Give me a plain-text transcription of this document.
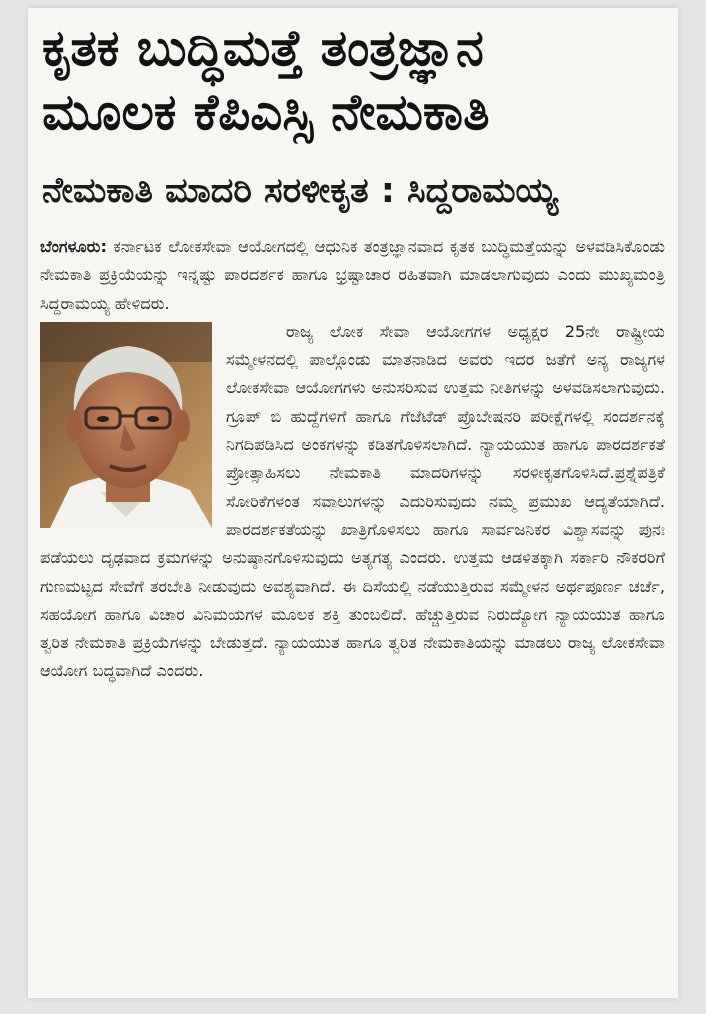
ಕೃತಕ ಬುದ್ಧಿಮತ್ತೆ ತಂತ್ರಜ್ಞಾನ
ಮೂಲಕ ಕೆಪಿಎಸ್ಸಿ ನೇಮಕಾತಿ
ನೇಮಕಾತಿ ಮಾದರಿ ಸರಳೀಕೃತ : ಸಿದ್ದರಾಮಯ್ಯ

ಬೆಂಗಳೂರು: ಕರ್ನಾಟಕ ಲೋಕಸೇವಾ ಆಯೋಗದಲ್ಲಿ ಆಧುನಿಕ ತಂತ್ರಜ್ಞಾನವಾದ ಕೃತಕ ಬುದ್ಧಿಮತ್ತೆಯನ್ನು ಅಳವಡಿಸಿಕೊಂಡು ನೇಮಕಾತಿ ಪ್ರಕ್ರಿಯೆಯನ್ನು ಇನ್ನಷ್ಟು ಪಾರದರ್ಶಕ ಹಾಗೂ ಭ್ರಷ್ಟಾಚಾರ ರಹಿತವಾಗಿ ಮಾಡಲಾಗುವುದು ಎಂದು ಮುಖ್ಯಮಂತ್ರಿ ಸಿದ್ದರಾಮಯ್ಯ ಹೇಳಿದರು.

ರಾಜ್ಯ ಲೋಕ ಸೇವಾ ಆಯೋಗಗಳ ಅಧ್ಯಕ್ಷರ 25ನೇ ರಾಷ್ಟ್ರೀಯ ಸಮ್ಮೇಳನದಲ್ಲಿ ಪಾಲ್ಗೊಂಡು ಮಾತನಾಡಿದ ಅವರು ಇದರ ಜತೆಗೆ ಅನ್ಯ ರಾಜ್ಯಗಳ ಲೋಕಸೇವಾ ಆಯೋಗಗಳು ಅನುಸರಿಸುವ ಉತ್ತಮ ನೀತಿಗಳನ್ನು ಅಳವಡಿಸಲಾಗುವುದು. ಗ್ರೂಪ್ ಬಿ ಹುದ್ದೆಗಳಿಗೆ ಹಾಗೂ ಗೆಜೆಟೆಡ್ ಪ್ರೊಬೇಷನರಿ ಪರೀಕ್ಷೆಗಳಲ್ಲಿ ಸಂದರ್ಶನಕ್ಕೆ ನಿಗದಿಪಡಿಸಿದ ಅಂಕಗಳನ್ನು ಕಡಿತಗೊಳಿಸಲಾಗಿದೆ. ನ್ಯಾಯಯುತ ಹಾಗೂ ಪಾರದರ್ಶಕತೆ ಪ್ರೋತ್ಸಾಹಿಸಲು ನೇಮಕಾತಿ ಮಾದರಿಗಳನ್ನು ಸರಳೀಕೃತಗೊಳಿಸಿದೆ.ಪ್ರಶ್ನೆಪತ್ರಿಕೆ ಸೋರಿಕೆಗಳಂತ ಸವಾಲುಗಳನ್ನು ಎದುರಿಸುವುದು ನಮ್ಮ ಪ್ರಮುಖ ಆದ್ಯತೆಯಾಗಿದೆ. ಪಾರದರ್ಶಕತೆಯನ್ನು ಖಾತ್ರಿಗೊಳಿಸಲು ಹಾಗೂ ಸಾರ್ವಜನಿಕರ ವಿಶ್ವಾಸವನ್ನು ಪುನಃ ಪಡೆಯಲು ದೃಢವಾದ ಕ್ರಮಗಳನ್ನು ಅನುಷ್ಠಾನಗೊಳಿಸುವುದು ಅತ್ಯಗತ್ಯ ಎಂದರು. ಉತ್ತಮ ಆಡಳಿತಕ್ಕಾಗಿ ಸರ್ಕಾರಿ ನೌಕರರಿಗೆ ಗುಣಮಟ್ಟದ ಸೇವೆಗೆ ತರಬೇತಿ ನೀಡುವುದು ಅವಶ್ಯವಾಗಿದೆ. ಈ ದಿಸೆಯಲ್ಲಿ ನಡೆಯುತ್ತಿರುವ ಸಮ್ಮೇಳನ ಅರ್ಥಪೂರ್ಣ ಚರ್ಚೆ, ಸಹಯೋಗ ಹಾಗೂ ವಿಚಾರ ವಿನಿಮಯಗಳ ಮೂಲಕ ಶಕ್ತಿ ತುಂಬಲಿದೆ. ಹೆಚ್ಚುತ್ತಿರುವ ನಿರುದ್ಯೋಗ ನ್ಯಾಯಯುತ ಹಾಗೂ ತ್ವರಿತ ನೇಮಕಾತಿ ಪ್ರಕ್ರಿಯೆಗಳನ್ನು ಬೇಡುತ್ತದೆ. ನ್ಯಾಯಯುತ ಹಾಗೂ ತ್ವರಿತ ನೇಮಕಾತಿಯನ್ನು ಮಾಡಲು ರಾಜ್ಯ ಲೋಕಸೇವಾ ಆಯೋಗ ಬದ್ಧವಾಗಿದೆ ಎಂದರು.
